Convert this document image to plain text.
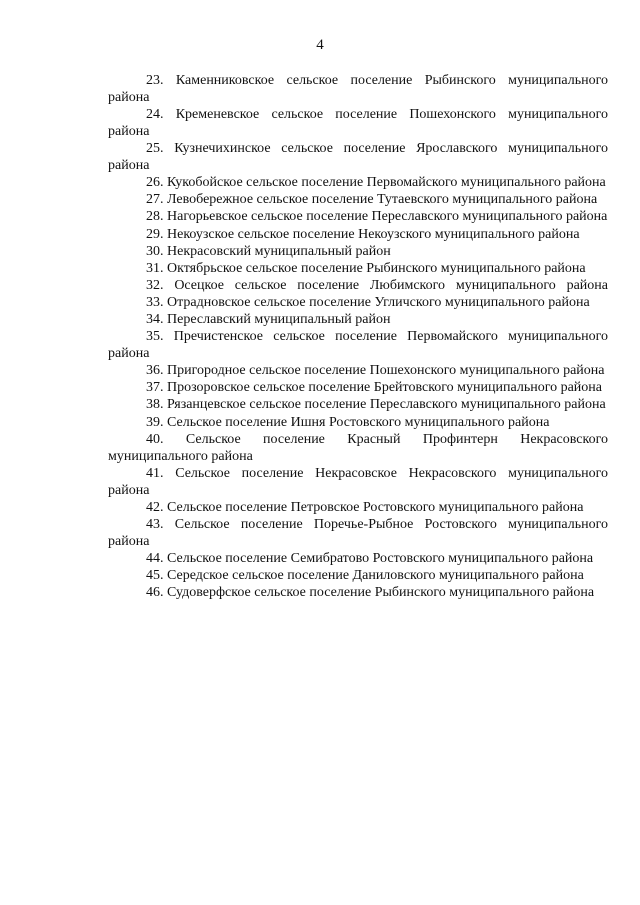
4

23. Каменниковское сельское поселение Рыбинского муниципального района

24. Кременевское сельское поселение Пошехонского муниципального района

25. Кузнечихинское сельское поселение Ярославского муниципального района

26. Кукобойское сельское поселение Первомайского муниципального района

27. Левобережное сельское поселение Тутаевского муниципального района

28. Нагорьевское сельское поселение Переславского муниципального района

29. Некоузское сельское поселение Некоузского муниципального района

30. Некрасовский муниципальный район

31. Октябрьское сельское поселение Рыбинского муниципального района

32. Осецкое сельское поселение Любимского муниципального района

33. Отрадновское сельское поселение Угличского муниципального района

34. Переславский муниципальный район

35. Пречистенское сельское поселение Первомайского муниципального района

36. Пригородное сельское поселение Пошехонского муниципального района

37. Прозоровское сельское поселение Брейтовского муниципального района

38. Рязанцевское сельское поселение Переславского муниципального района

39. Сельское поселение Ишня Ростовского муниципального района

40. Сельское поселение Красный Профинтерн Некрасовского муниципального района

41. Сельское поселение Некрасовское Некрасовского муниципального района

42. Сельское поселение Петровское Ростовского муниципального района

43. Сельское поселение Поречье-Рыбное Ростовского муниципального района

44. Сельское поселение Семибратово Ростовского муниципального района

45. Середское сельское поселение Даниловского муниципального района

46. Судоверфское сельское поселение Рыбинского муниципального района
